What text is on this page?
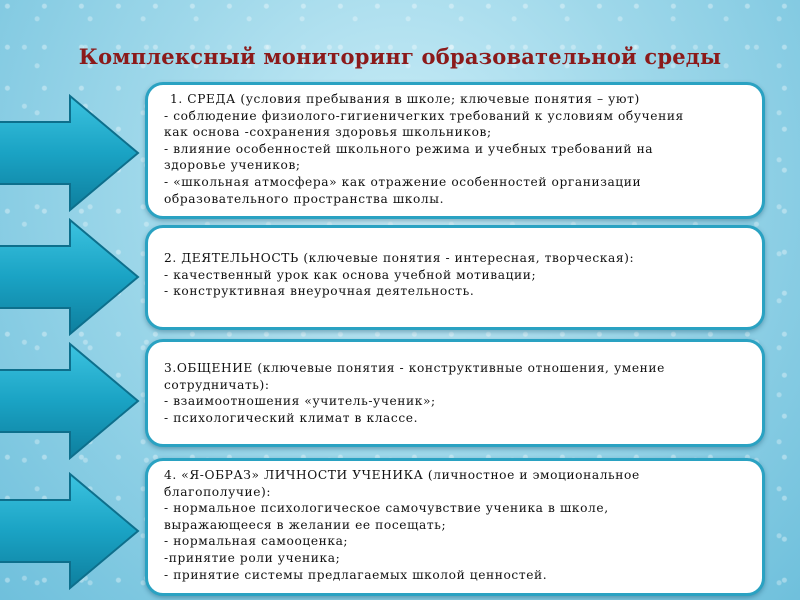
Комплексный мониторинг образовательной среды
1. СРЕДА (условия пребывания в школе; ключевые понятия – уют)
- соблюдение физиолого-гигиеничегких требований к условиям обучения
как основа -сохранения здоровья школьников;
- влияние особенностей школьного режима и учебных требований на
здоровье учеников;
- «школьная атмосфера» как отражение особенностей организации
образовательного пространства школы.
2. ДЕЯТЕЛЬНОСТЬ (ключевые понятия - интересная, творческая):
- качественный урок как основа учебной мотивации;
- конструктивная внеурочная деятельность.
3.ОБЩЕНИЕ (ключевые понятия - конструктивные отношения, умение
сотрудничать):
- взаимоотношения «учитель-ученик»;
- психологический климат в классе.
4. «Я-ОБРАЗ» ЛИЧНОСТИ УЧЕНИКА (личностное и эмоциональное
благополучие):
- нормальное психологическое самочувствие ученика в школе,
выражающееся в желании ее посещать;
- нормальная самооценка;
-принятие роли ученика;
- принятие системы предлагаемых школой ценностей.
